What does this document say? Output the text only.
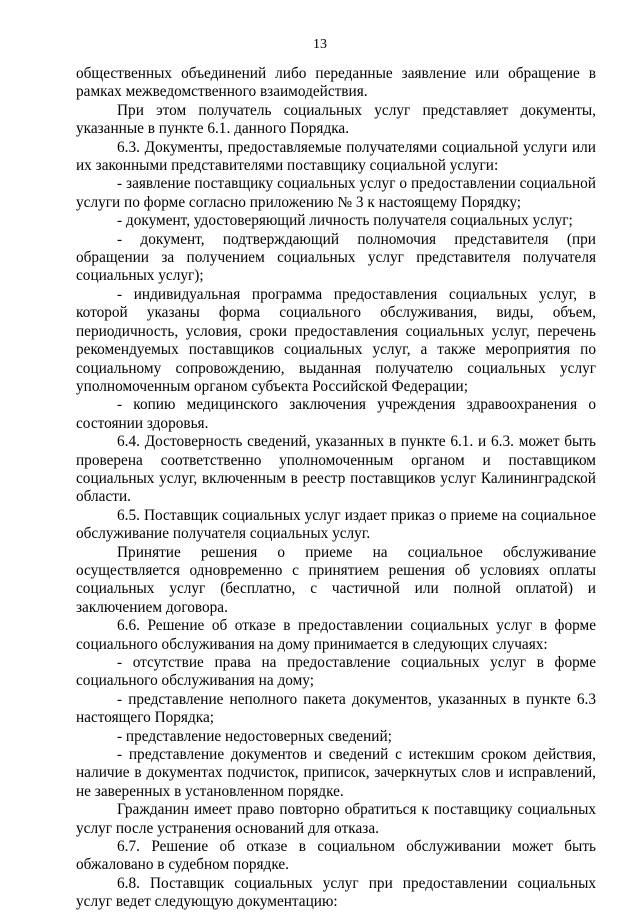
13

общественных объединений либо переданные заявление или обращение в рамках межведомственного взаимодействия.

При этом получатель социальных услуг представляет документы, указанные в пункте 6.1. данного Порядка.

6.3. Документы, предоставляемые получателями социальной услуги или их законными представителями поставщику социальной услуги:

- заявление поставщику социальных услуг о предоставлении социальной услуги по форме согласно приложению № 3 к настоящему Порядку;

- документ, удостоверяющий личность получателя социальных услуг;

- документ, подтверждающий полномочия представителя (при обращении за получением социальных услуг представителя получателя социальных услуг);

- индивидуальная программа предоставления социальных услуг, в которой указаны форма социального обслуживания, виды, объем, периодичность, условия, сроки предоставления социальных услуг, перечень рекомендуемых поставщиков социальных услуг, а также мероприятия по социальному сопровождению, выданная получателю социальных услуг уполномоченным органом субъекта Российской Федерации;

- копию медицинского заключения учреждения здравоохранения о состоянии здоровья.

6.4. Достоверность сведений, указанных в пункте 6.1. и 6.3. может быть проверена соответственно уполномоченным органом и поставщиком социальных услуг, включенным в реестр поставщиков услуг Калининградской области.

6.5. Поставщик социальных услуг издает приказ о приеме на социальное обслуживание получателя социальных услуг.

Принятие решения о приеме на социальное обслуживание осуществляется одновременно с принятием решения об условиях оплаты социальных услуг (бесплатно, с частичной или полной оплатой) и заключением договора.

6.6. Решение об отказе в предоставлении социальных услуг в форме социального обслуживания на дому принимается в следующих случаях:

- отсутствие права на предоставление социальных услуг в форме социального обслуживания на дому;

- представление неполного пакета документов, указанных в пункте 6.3 настоящего Порядка;

- представление недостоверных сведений;

- представление документов и сведений с истекшим сроком действия, наличие в документах подчисток, приписок, зачеркнутых слов и исправлений, не заверенных в установленном порядке.

Гражданин имеет право повторно обратиться к поставщику социальных услуг после устранения оснований для отказа.

6.7. Решение об отказе в социальном обслуживании может быть обжаловано в судебном порядке.

6.8. Поставщик социальных услуг при предоставлении социальных услуг ведет следующую документацию:
